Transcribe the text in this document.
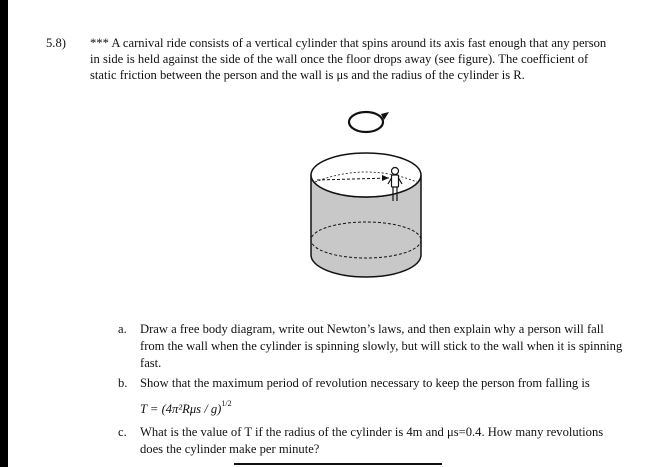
5.8) *** A carnival ride consists of a vertical cylinder that spins around its axis fast enough that any person

in side is held against the side of the wall once the floor drops away (see figure). The coefficient of

static friction between the person and the wall is μs and the radius of the cylinder is R.

a. Draw a free body diagram, write out Newton’s laws, and then explain why a person will fall
from the wall when the cylinder is spinning slowly, but will stick to the wall when it is spinning
fast.
b. Show that the maximum period of revolution necessary to keep the person from falling is
T = (4π²Rμs / g)$^{1/2}$
c. What is the value of T if the radius of the cylinder is 4m and μs=0.4. How many revolutions
does the cylinder make per minute?
